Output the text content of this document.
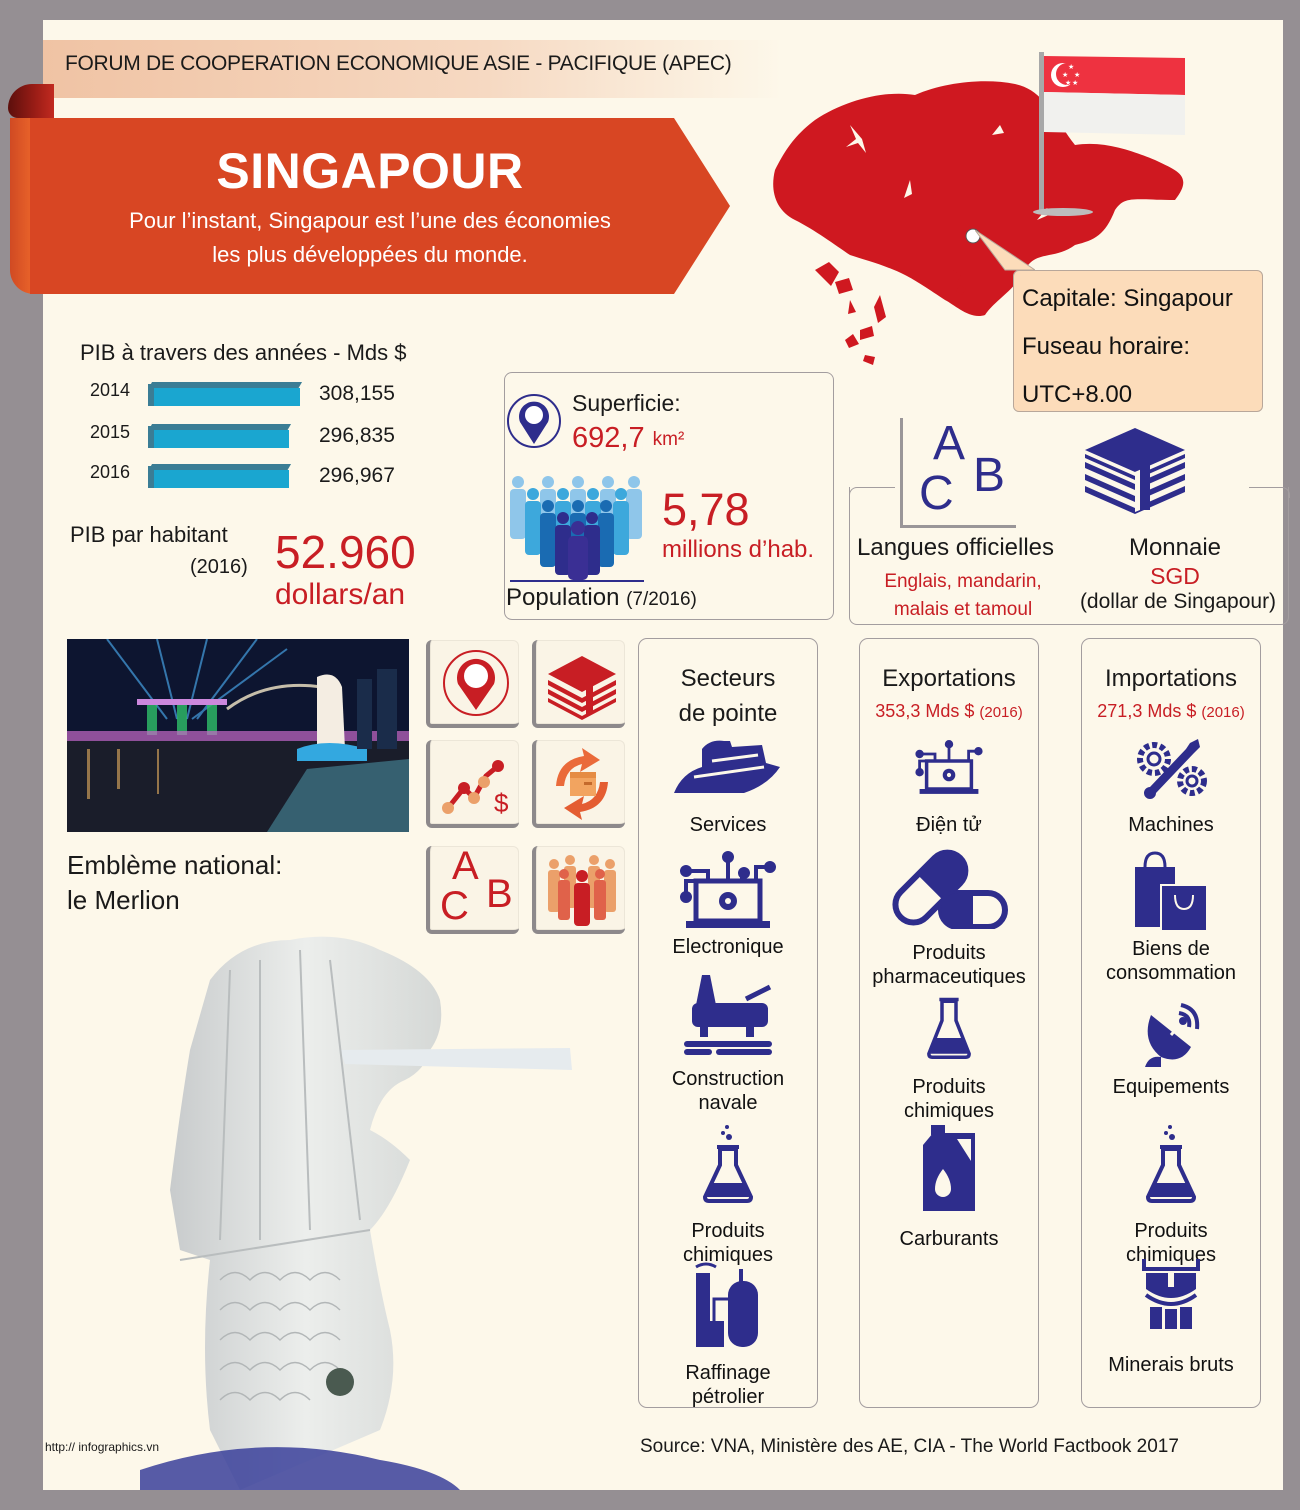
FORUM DE COOPERATION ECONOMIQUE ASIE - PACIFIQUE (APEC)
SINGAPOUR
Pour l’instant, Singapour est l’une des économies
les plus développées du monde.
★
★ ★
★ ★
Capitale: Singapour
Fuseau horaire:
UTC+8.00
PIB à travers des années - Mds $
2014	308,155
2015	296,835
2016	296,967
PIB par habitant
(2016) 52.960
dollars/an
Superficie:
692,7 km²
5,78
millions d’hab.
Population (7/2016)
A
B
C
Langues officielles
Englais, mandarin,
malais et tamoul
Monnaie
SGD
(dollar de Singapour)
Emblème national:
le Merlion
$
A
B
C
Secteurs
de pointe
Services
Electronique
Construction
navale
Produits
chimiques
Raffinage
pétrolier
Exportations
353,3 Mds $ (2016)
Điện tử
Produits
pharmaceutiques
Produits
chimiques
Carburants
Importations
271,3 Mds $ (2016)
Machines
Biens de
consommation
Equipements
Produits
chimiques
Minerais bruts
http:// infographics.vn	Source: VNA, Ministère des AE, CIA - The World Factbook 2017
